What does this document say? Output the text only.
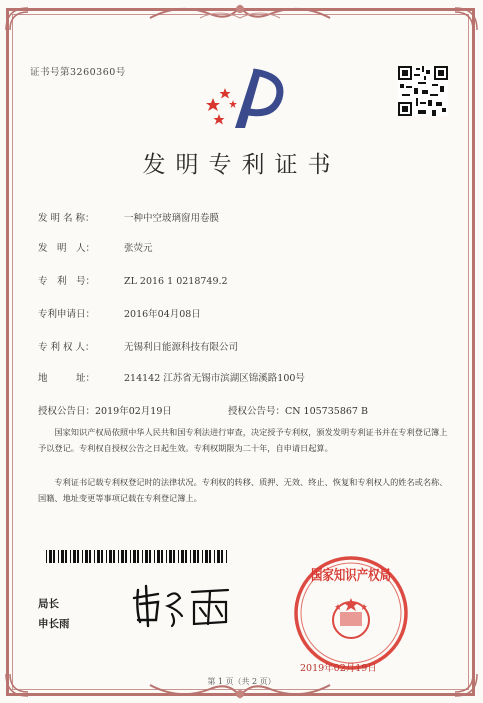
证书号第3260360号
发明专利证书
发 明 名 称：	一种中空玻璃窗用卷膜
发　明　人：	张荧元
专　利　号：	ZL 2016 1 0218749.2
专利申请日：	2016年04月08日
专 利 权 人：	无锡利日能源科技有限公司
地　　　址：	214142 江苏省无锡市滨湖区锦溪路100号
授权公告日：2019年02月19日	授权公告号：CN 105735867 B
国家知识产权局依照中华人民共和国专利法进行审查，决定授予专利权，颁发发明专利证书并在专利登记簿上予以登记。专利权自授权公告之日起生效。专利权期限为二十年，自申请日起算。
专利证书记载专利权登记时的法律状况。专利权的转移、质押、无效、终止、恢复和专利权人的姓名或名称、国籍、地址变更等事项记载在专利登记簿上。
局长
申长雨
国家知识产权局
2019年02月19日
第 1 页（共 2 页）
